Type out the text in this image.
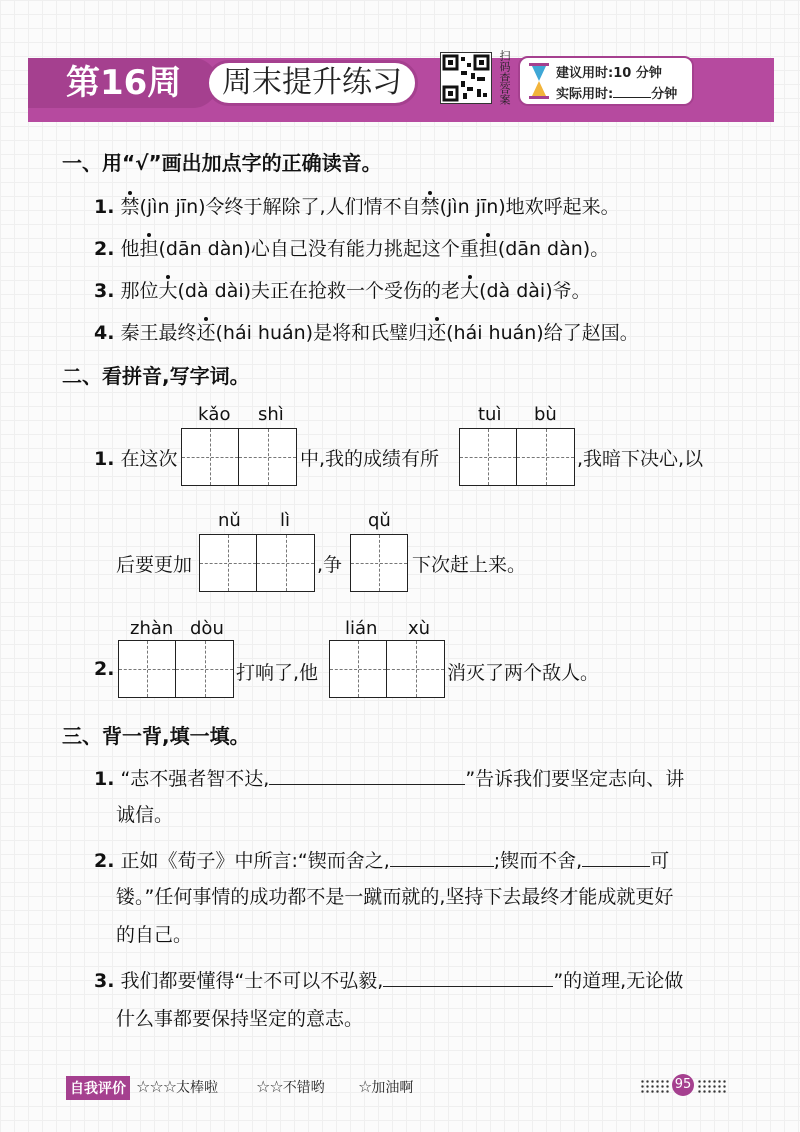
第16周	周末提升练习	扫码查答案	建议用时:10 分钟
实际用时:	分钟
一、用“√”画出加点字的正确读音。
1. 禁(jìn jīn)令终于解除了,人们情不自禁(jìn jīn)地欢呼起来。
2. 他担(dān dàn)心自己没有能力挑起这个重担(dān dàn)。
3. 那位大(dà dài)夫正在抢救一个受伤的老大(dà dài)爷。
4. 秦王最终还(hái huán)是将和氏璧归还(hái huán)给了赵国。
二、看拼音,写字词。
1. 在这次
kǎo shì
中,我的成绩有所
tuì bù
,我暗下决心,以
后要更加
nǔ lì
,争
qǔ
下次赶上来。
2.
zhàn dòu
打响了,他
lián xù
消灭了两个敌人。
三、背一背,填一填。
1. “志不强者智不达,	”告诉我们要坚定志向、讲
诚信。
2. 正如《荀子》中所言:“锲而舍之,	;锲而不舍,	可
镂。”任何事情的成功都不是一蹴而就的,坚持下去最终才能成就更好
的自己。
3. 我们都要懂得“士不可以不弘毅,	”的道理,无论做
什么事都要保持坚定的意志。
自我评价 ☆☆☆太棒啦 ☆☆不错哟 ☆加油啊	95
